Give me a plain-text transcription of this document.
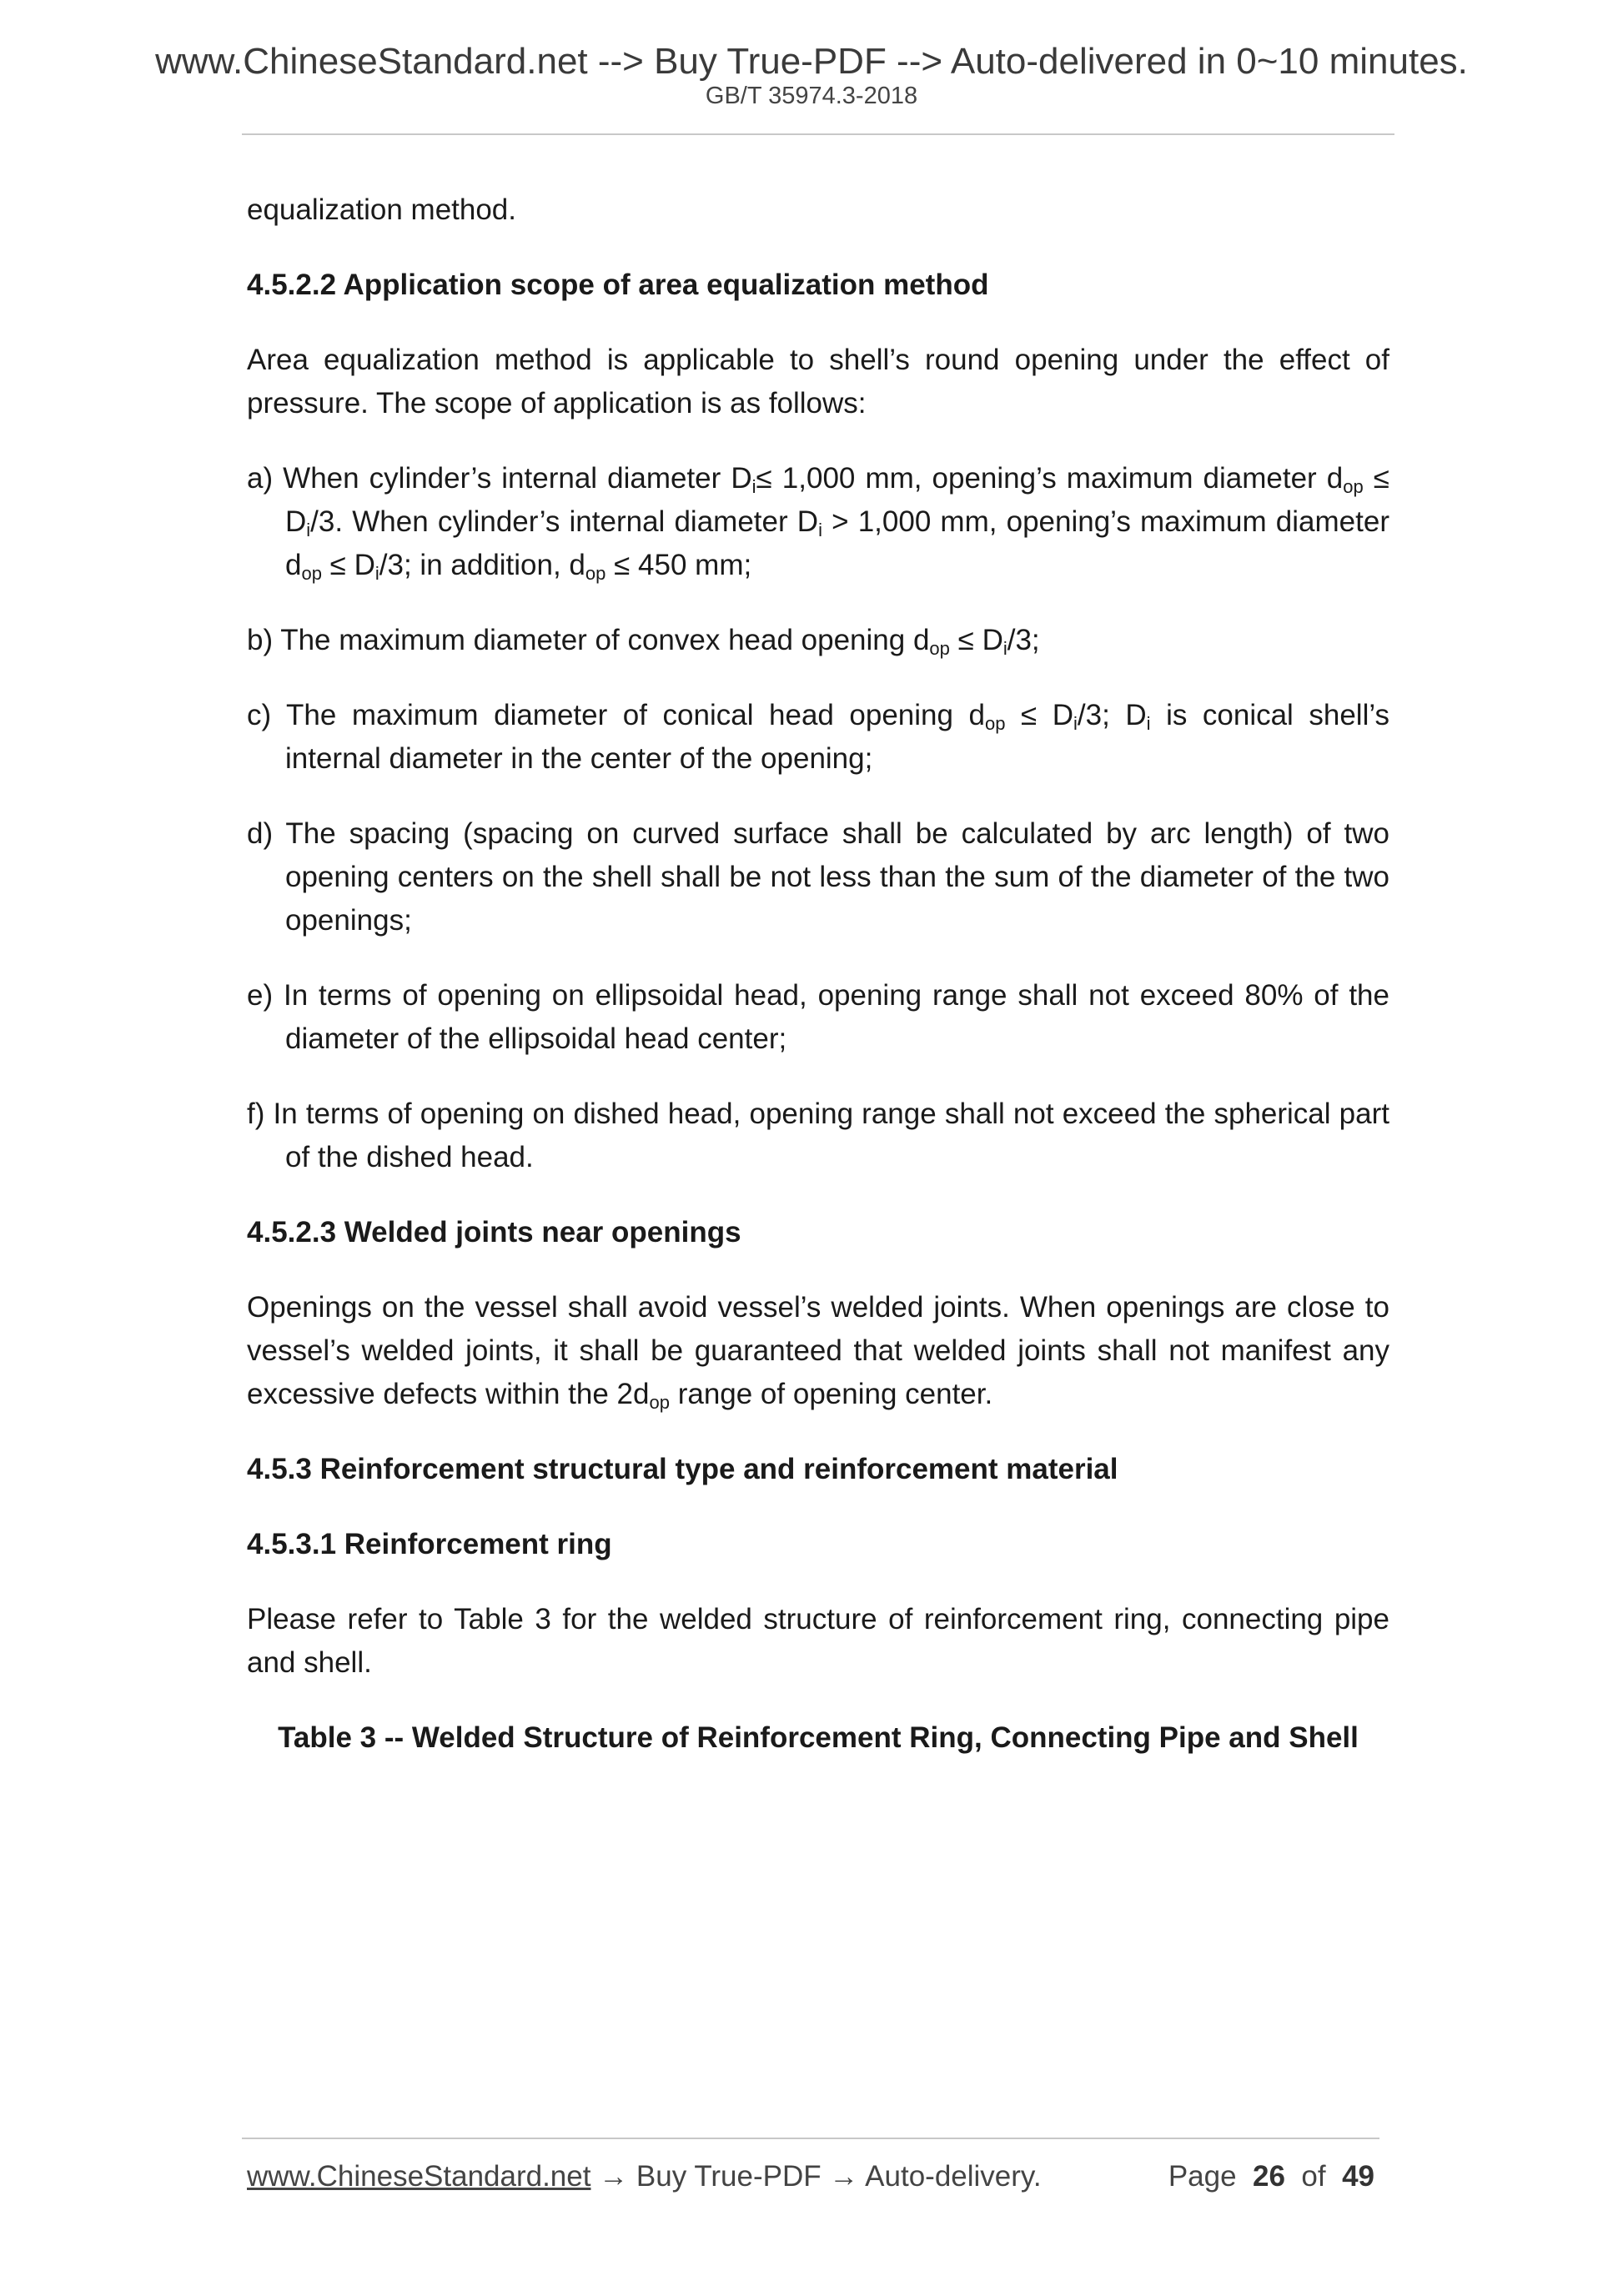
www.ChineseStandard.net --> Buy True-PDF --> Auto-delivered in 0~10 minutes.
GB/T 35974.3-2018

equalization method.

4.5.2.2 Application scope of area equalization method

Area equalization method is applicable to shell’s round opening under the effect of pressure. The scope of application is as follows:

a) When cylinder’s internal diameter $D_i\le 1,000$ mm, opening’s maximum diameter $d_{op} \le D_i/3$. When cylinder’s internal diameter $D_i > 1,000$ mm, opening’s maximum diameter $d_{op} \le D_i/3$; in addition, $d_{op} \le 450$ mm;

b) The maximum diameter of convex head opening $d_{op} \le D_i/3$;

c) The maximum diameter of conical head opening $d_{op} \le D_i/3$; $D_i$ is conical shell’s internal diameter in the center of the opening;

d) The spacing (spacing on curved surface shall be calculated by arc length) of two opening centers on the shell shall be not less than the sum of the diameter of the two openings;

e) In terms of opening on ellipsoidal head, opening range shall not exceed 80% of the diameter of the ellipsoidal head center;

f) In terms of opening on dished head, opening range shall not exceed the spherical part of the dished head.

4.5.2.3 Welded joints near openings

Openings on the vessel shall avoid vessel’s welded joints. When openings are close to vessel’s welded joints, it shall be guaranteed that welded joints shall not manifest any excessive defects within the $2d_{op}$ range of opening center.

4.5.3 Reinforcement structural type and reinforcement material

4.5.3.1 Reinforcement ring

Please refer to Table 3 for the welded structure of reinforcement ring, connecting pipe and shell.

Table 3 -- Welded Structure of Reinforcement Ring, Connecting Pipe and Shell

www.ChineseStandard.net → Buy True-PDF → Auto-delivery.	Page 26 of 49
